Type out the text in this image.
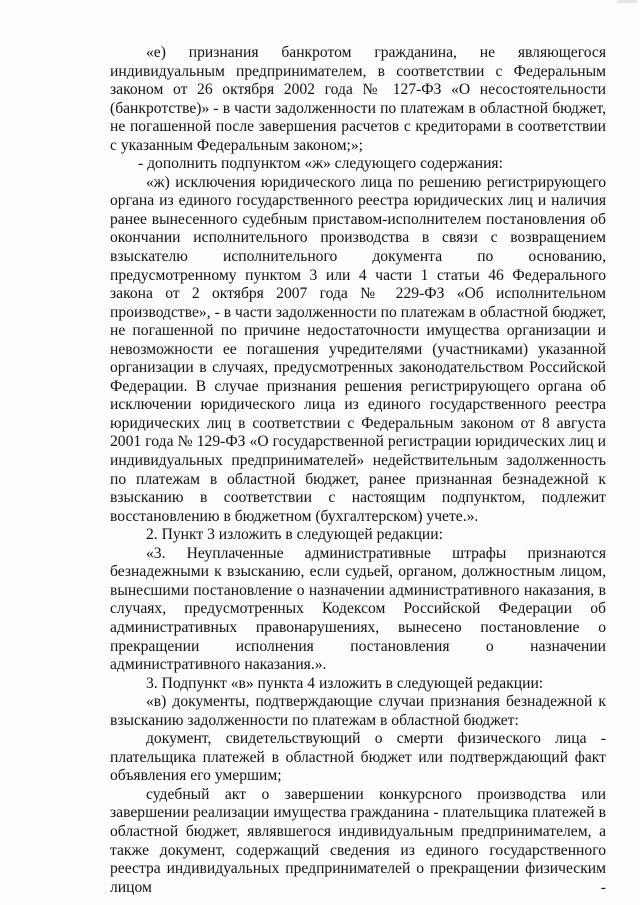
«е) признания банкротом гражданина, не являющегося индивидуальным предпринимателем, в соответствии с Федеральным законом от 26 октября 2002 года № 127-ФЗ «О несостоятельности (банкротстве)» - в части задолженности по платежам в областной бюджет, не погашенной после завершения расчетов с кредиторами в соответствии с указанным Федеральным законом;»;

- дополнить подпунктом «ж» следующего содержания:

«ж) исключения юридического лица по решению регистрирующего органа из единого государственного реестра юридических лиц и наличия ранее вынесенного судебным приставом-исполнителем постановления об окончании исполнительного производства в связи с возвращением взыскателю исполнительного документа по основанию, предусмотренному пунктом 3 или 4 части 1 статьи 46 Федерального закона от 2 октября 2007 года № 229-ФЗ «Об исполнительном производстве», - в части задолженности по платежам в областной бюджет, не погашенной по причине недостаточности имущества организации и невозможности ее погашения учредителями (участниками) указанной организации в случаях, предусмотренных законодательством Российской Федерации. В случае признания решения регистрирующего органа об исключении юридического лица из единого государственного реестра юридических лиц в соответствии с Федеральным законом от 8 августа 2001 года № 129-ФЗ «О государственной регистрации юридических лиц и индивидуальных предпринимателей» недействительным задолженность по платежам в областной бюджет, ранее признанная безнадежной к взысканию в соответствии с настоящим подпунктом, подлежит восстановлению в бюджетном (бухгалтерском) учете.».

2. Пункт 3 изложить в следующей редакции:

«3. Неуплаченные административные штрафы признаются безнадежными к взысканию, если судьей, органом, должностным лицом, вынесшими постановление о назначении административного наказания, в случаях, предусмотренных Кодексом Российской Федерации об административных правонарушениях, вынесено постановление о прекращении исполнения постановления о назначении административного наказания.».

3. Подпункт «в» пункта 4 изложить в следующей редакции:

«в) документы, подтверждающие случаи признания безнадежной к взысканию задолженности по платежам в областной бюджет:

документ, свидетельствующий о смерти физического лица - плательщика платежей в областной бюджет или подтверждающий факт объявления его умершим;

судебный акт о завершении конкурсного производства или завершении реализации имущества гражданина - плательщика платежей в областной бюджет, являвшегося индивидуальным предпринимателем, а также документ, содержащий сведения из единого государственного реестра индивидуальных предпринимателей о прекращении физическим лицом -
